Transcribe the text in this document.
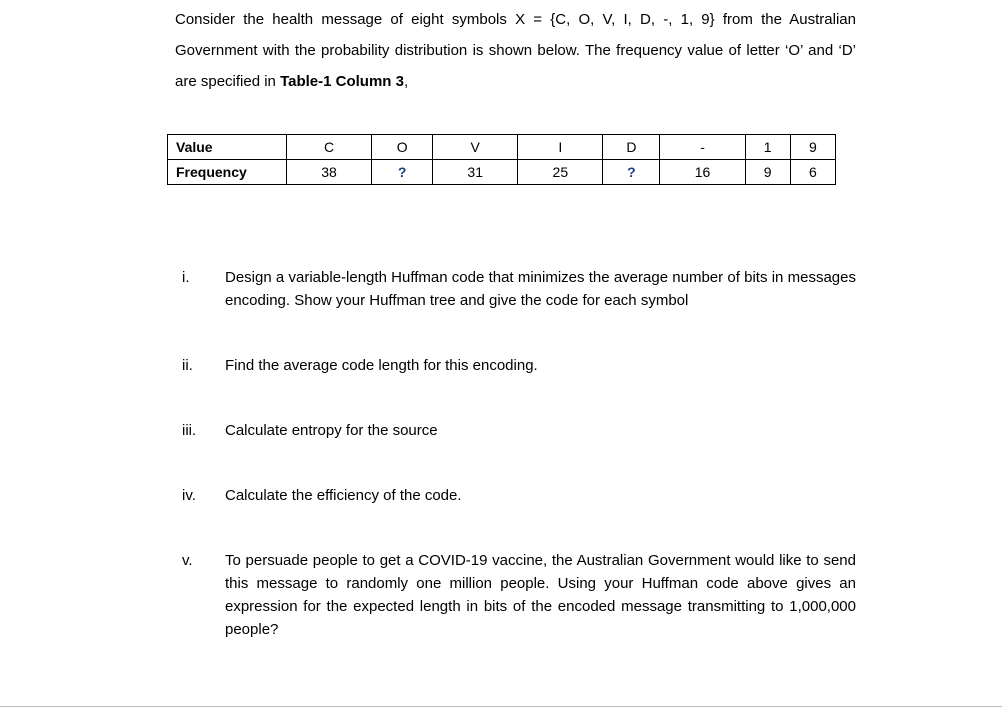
Consider the health message of eight symbols X = {C, O, V, I, D, -, 1, 9} from the Australian Government with the probability distribution is shown below. The frequency value of letter ‘O’ and ‘D’ are specified in Table-1 Column 3,
Value	C	O	V	I	D	-	1	9
Frequency	38	?	31	25	?	16	9	6
i. Design a variable-length Huffman code that minimizes the average number of bits in messages encoding. Show your Huffman tree and give the code for each symbol
ii. Find the average code length for this encoding.
iii. Calculate entropy for the source
iv. Calculate the efficiency of the code.
v. To persuade people to get a COVID-19 vaccine, the Australian Government would like to send this message to randomly one million people. Using your Huffman code above gives an expression for the expected length in bits of the encoded message transmitting to 1,000,000 people?
